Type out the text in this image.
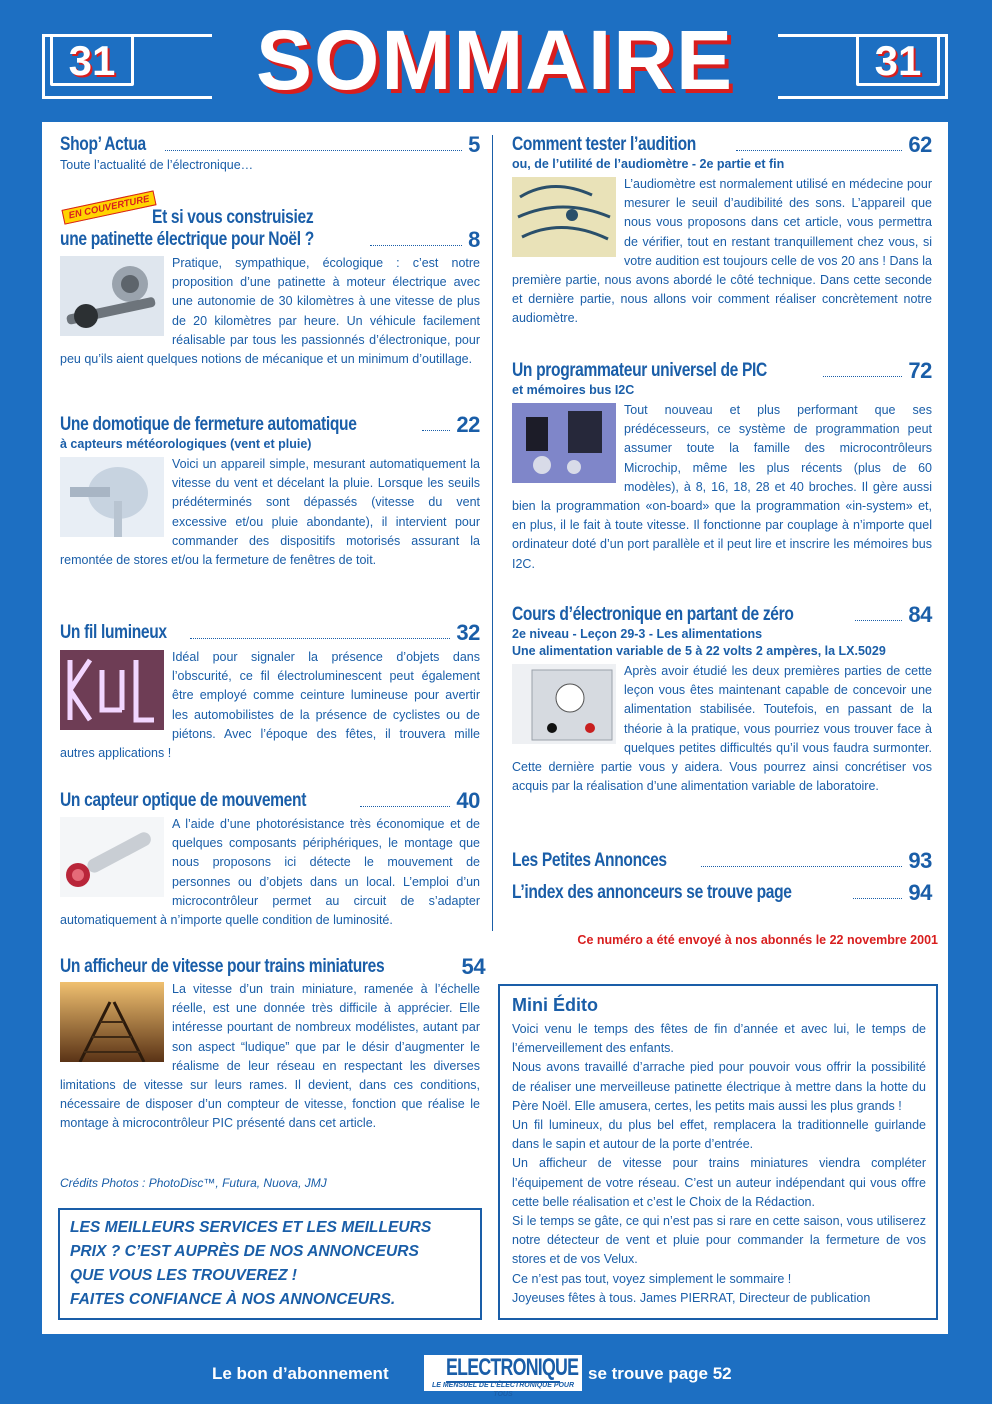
31	31
SOMMAIRE
Shop’ Actua	5
Toute l’actualité de l’électronique…
EN COUVERTURE Et si vous construisiez
une patinette électrique pour Noël ?	8
Pratique, sympathique, écologique : c’est notre proposition d’une patinette à moteur électrique avec une autonomie de 30 kilomètres à une vitesse de plus de 20 kilomètres par heure. Un véhicule facilement réalisable par tous les passionnés d’électronique, pour peu qu’ils aient quelques notions de mécanique et un minimum d’outillage.
Une domotique de fermeture automatique	22
à capteurs météorologiques (vent et pluie)
Voici un appareil simple, mesurant automatiquement la vitesse du vent et décelant la pluie. Lorsque les seuils prédéterminés sont dépassés (vitesse du vent excessive et/ou pluie abondante), il intervient pour commander des dispositifs motorisés assurant la remontée de stores et/ou la fermeture de fenêtres de toit.
Un fil lumineux	32
Idéal pour signaler la présence d’objets dans l’obscurité, ce fil électroluminescent peut également être employé comme ceinture lumineuse pour avertir les automobilistes de la présence de cyclistes ou de piétons. Avec l’époque des fêtes, il trouvera mille autres applications !
Un capteur optique de mouvement	40
A l’aide d’une photorésistance très économique et de quelques composants périphériques, le montage que nous proposons ici détecte le mouvement de personnes ou d’objets dans un local. L’emploi d’un microcontrôleur permet au circuit de s’adapter automatiquement à n’importe quelle condition de luminosité.
Un afficheur de vitesse pour trains miniatures	54
La vitesse d’un train miniature, ramenée à l’échelle réelle, est une donnée très difficile à apprécier. Elle intéresse pourtant de nombreux modélistes, autant par son aspect “ludique” que par le désir d’augmenter le réalisme de leur réseau en respectant les diverses limitations de vitesse sur leurs rames. Il devient, dans ces conditions, nécessaire de disposer d’un compteur de vitesse, fonction que réalise le montage à microcontrôleur PIC présenté dans cet article.
Crédits Photos : PhotoDisc™, Futura, Nuova, JMJ
LES MEILLEURS SERVICES ET LES MEILLEURS
PRIX ? C’EST AUPRÈS DE NOS ANNONCEURS
QUE VOUS LES TROUVEREZ !
FAITES CONFIANCE À NOS ANNONCEURS.
Comment tester l’audition	62
ou, de l’utilité de l’audiomètre - 2e partie et fin
L’audiomètre est normalement utilisé en médecine pour mesurer le seuil d’audibilité des sons. L’appareil que nous vous proposons dans cet article, vous permettra de vérifier, tout en restant tranquillement chez vous, si votre audition est toujours celle de vos 20 ans ! Dans la première partie, nous avons abordé le côté technique. Dans cette seconde et dernière partie, nous allons voir comment réaliser concrètement notre audiomètre.
Un programmateur universel de PIC	72
et mémoires bus I2C
Tout nouveau et plus performant que ses prédécesseurs, ce système de programmation peut assumer toute la famille des microcontrôleurs Microchip, même les plus récents (plus de 60 modèles), à 8, 16, 18, 28 et 40 broches. Il gère aussi bien la programmation «on-board» que la programmation «in-system» et, en plus, il le fait à toute vitesse. Il fonctionne par couplage à n’importe quel ordinateur doté d’un port parallèle et il peut lire et inscrire les mémoires bus I2C.
Cours d’électronique en partant de zéro	84
2e niveau - Leçon 29-3 - Les alimentations
Une alimentation variable de 5 à 22 volts 2 ampères, la LX.5029
Après avoir étudié les deux premières parties de cette leçon vous êtes maintenant capable de concevoir une alimentation stabilisée. Toutefois, en passant de la théorie à la pratique, vous pourriez vous trouver face à quelques petites difficultés qu’il vous faudra surmonter. Cette dernière partie vous y aidera. Vous pourrez ainsi concrétiser vos acquis par la réalisation d’une alimentation variable de laboratoire.
Les Petites Annonces	93
L’index des annonceurs se trouve page	94
Ce numéro a été envoyé à nos abonnés le 22 novembre 2001
Mini Édito

Voici venu le temps des fêtes de fin d’année et avec lui, le temps de l’émerveillement des enfants.

Nous avons travaillé d’arrache pied pour pouvoir vous offrir la possibilité de réaliser une merveilleuse patinette électrique à mettre dans la hotte du Père Noël. Elle amusera, certes, les petits mais aussi les plus grands !

Un fil lumineux, du plus bel effet, remplacera la traditionnelle guirlande dans le sapin et autour de la porte d’entrée.

Un afficheur de vitesse pour trains miniatures viendra compléter l’équipement de votre réseau. C’est un auteur indépendant qui vous offre cette belle réalisation et c’est le Choix de la Rédaction.

Si le temps se gâte, ce qui n’est pas si rare en cette saison, vous utiliserez notre détecteur de vent et pluie pour commander la fermeture de vos stores et de vos Velux.

Ce n’est pas tout, voyez simplement le sommaire !

Joyeuses fêtes à tous. James PIERRAT, Directeur de publication

Le bon d’abonnement ELECTRONIQUE
LE MENSUEL DE L’ÉLECTRONIQUE POUR TOUS
se trouve page 52
